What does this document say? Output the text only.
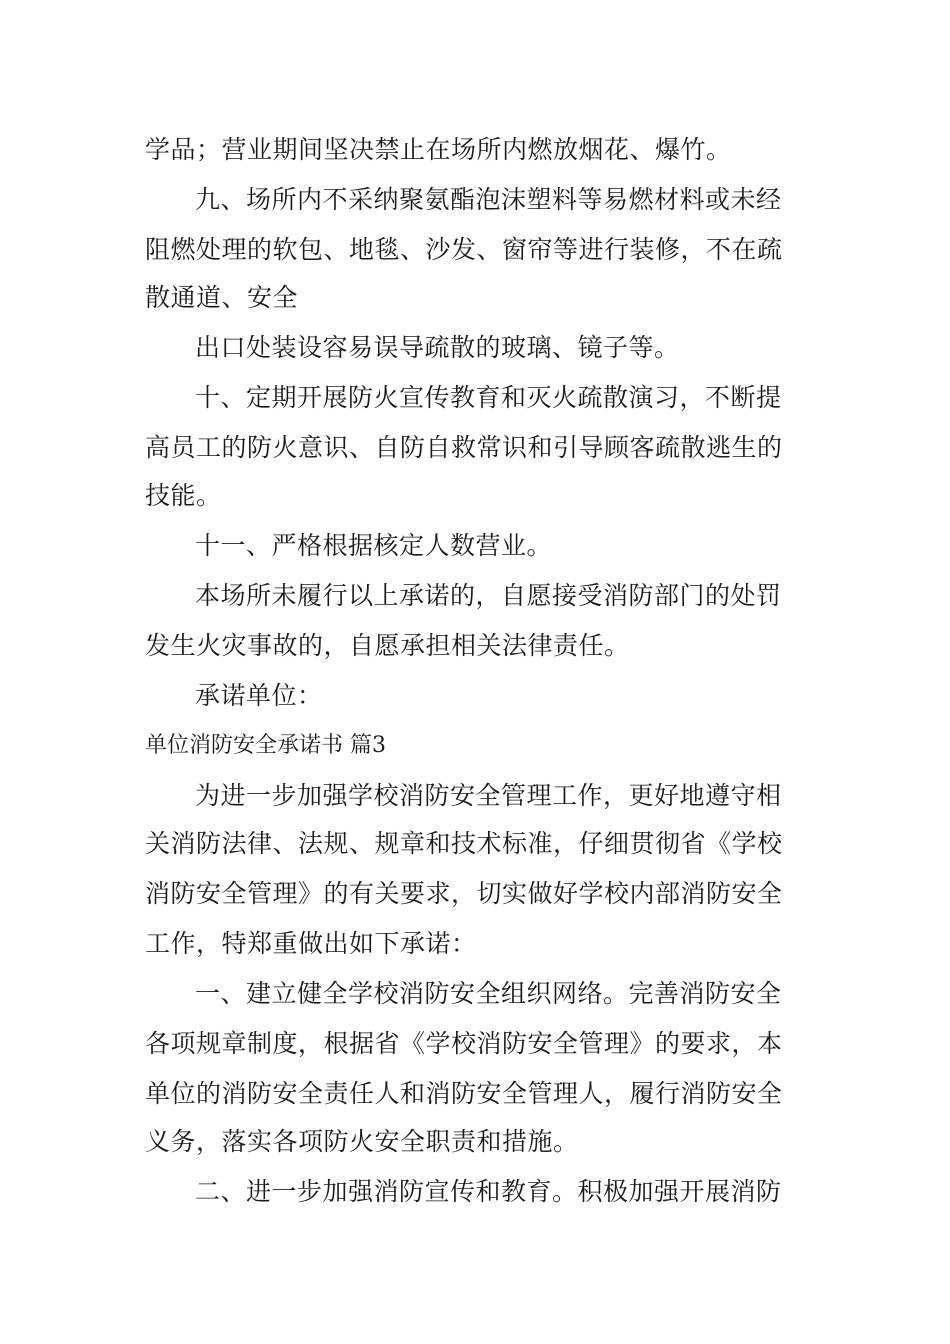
学品；营业期间坚决禁止在场所内燃放烟花、爆竹。
九、场所内不采纳聚氨酯泡沫塑料等易燃材料或未经
阻燃处理的软包、地毯、沙发、窗帘等进行装修，不在疏
散通道、安全
出口处装设容易误导疏散的玻璃、镜子等。
十、定期开展防火宣传教育和灭火疏散演习，不断提
高员工的防火意识、自防自救常识和引导顾客疏散逃生的
技能。
十一、严格根据核定人数营业。
本场所未履行以上承诺的，自愿接受消防部门的处罚
发生火灾事故的，自愿承担相关法律责任。
承诺单位：
单位消防安全承诺书 篇3
为进一步加强学校消防安全管理工作，更好地遵守相
关消防法律、法规、规章和技术标准，仔细贯彻省《学校
消防安全管理》的有关要求，切实做好学校内部消防安全
工作，特郑重做出如下承诺：
一、建立健全学校消防安全组织网络。完善消防安全
各项规章制度，根据省《学校消防安全管理》的要求，本
单位的消防安全责任人和消防安全管理人，履行消防安全
义务，落实各项防火安全职责和措施。
二、进一步加强消防宣传和教育。积极加强开展消防
